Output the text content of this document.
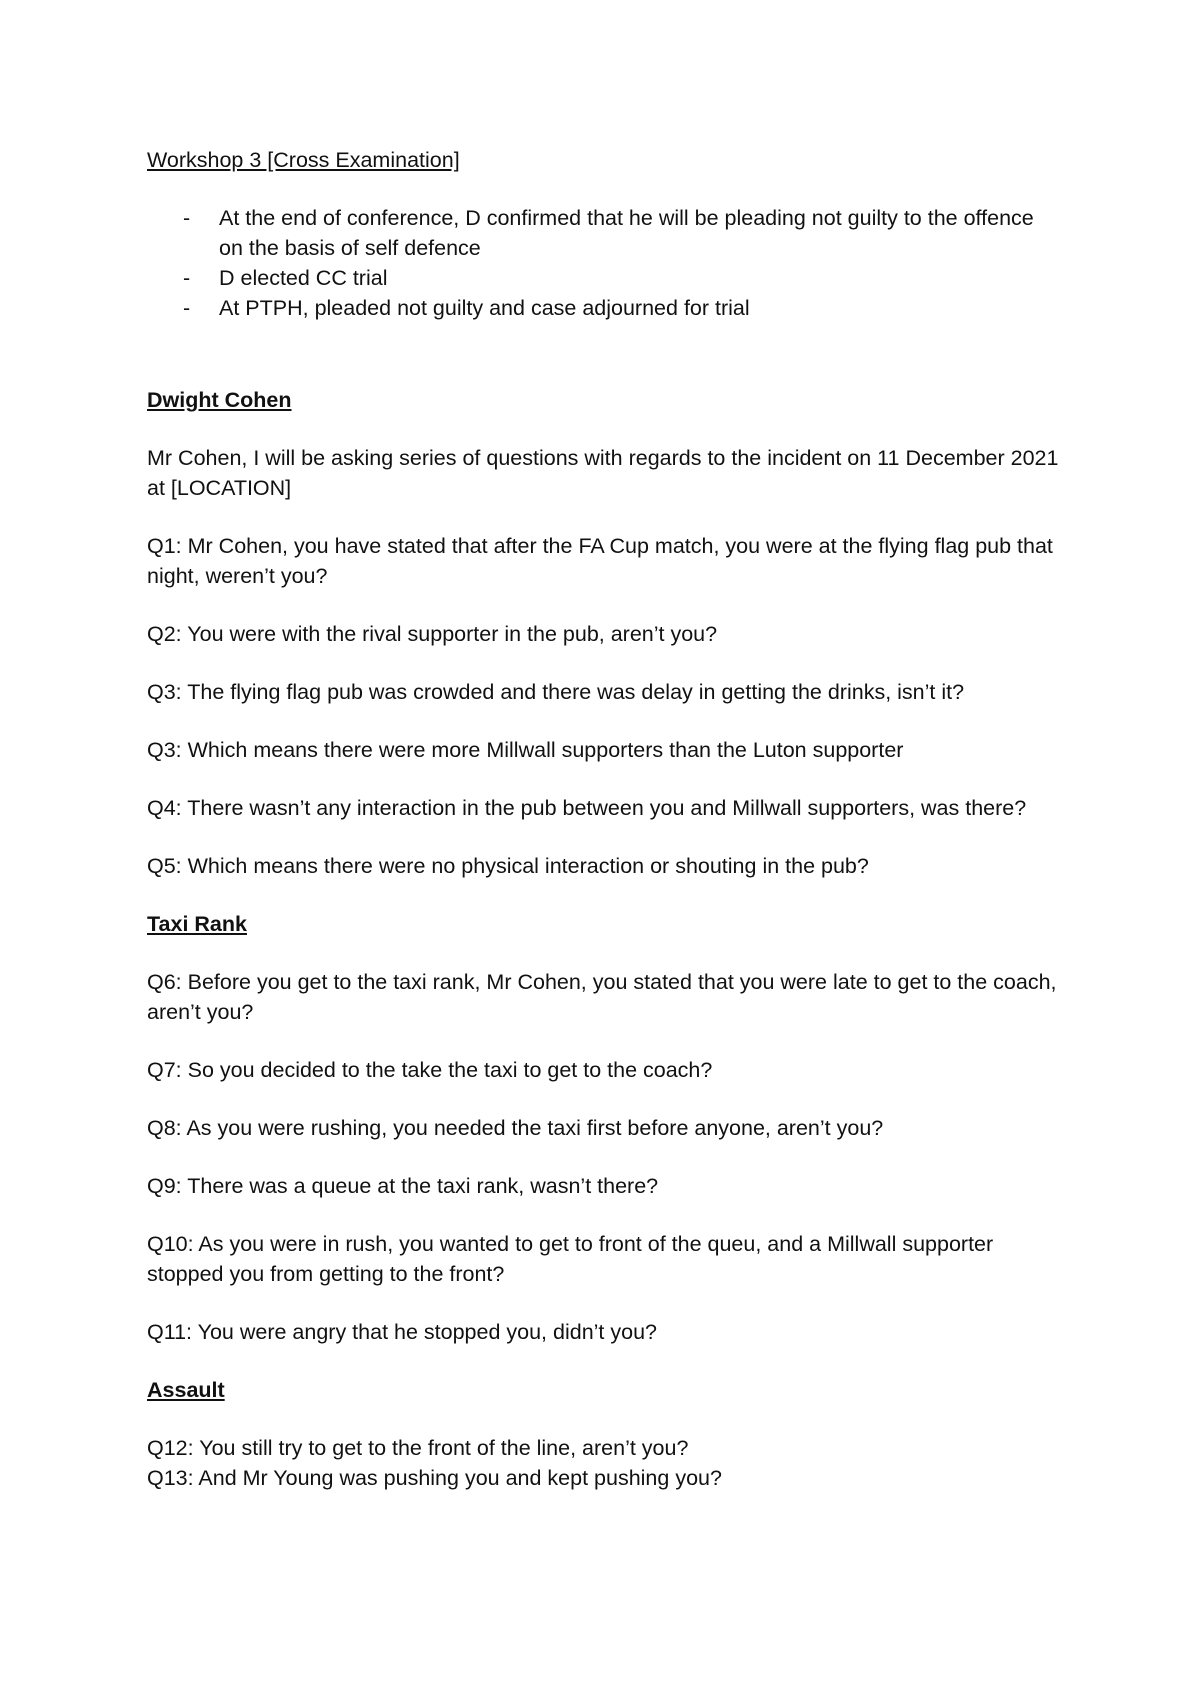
Workshop 3 [Cross Examination]

- At the end of conference, D confirmed that he will be pleading not guilty to the offence on the basis of self defence
- D elected CC trial
- At PTPH, pleaded not guilty and case adjourned for trial

Dwight Cohen

Mr Cohen, I will be asking series of questions with regards to the incident on 11 December 2021 at [LOCATION]

Q1: Mr Cohen, you have stated that after the FA Cup match, you were at the flying flag pub that night, weren’t you?

Q2: You were with the rival supporter in the pub, aren’t you?

Q3: The flying flag pub was crowded and there was delay in getting the drinks, isn’t it?

Q3: Which means there were more Millwall supporters than the Luton supporter

Q4: There wasn’t any interaction in the pub between you and Millwall supporters, was there?

Q5: Which means there were no physical interaction or shouting in the pub?

Taxi Rank

Q6: Before you get to the taxi rank, Mr Cohen, you stated that you were late to get to the coach, aren’t you?

Q7: So you decided to the take the taxi to get to the coach?

Q8: As you were rushing, you needed the taxi first before anyone, aren’t you?

Q9: There was a queue at the taxi rank, wasn’t there?

Q10: As you were in rush, you wanted to get to front of the queu, and a Millwall supporter stopped you from getting to the front?

Q11: You were angry that he stopped you, didn’t you?

Assault

Q12: You still try to get to the front of the line, aren’t you?

Q13: And Mr Young was pushing you and kept pushing you?
